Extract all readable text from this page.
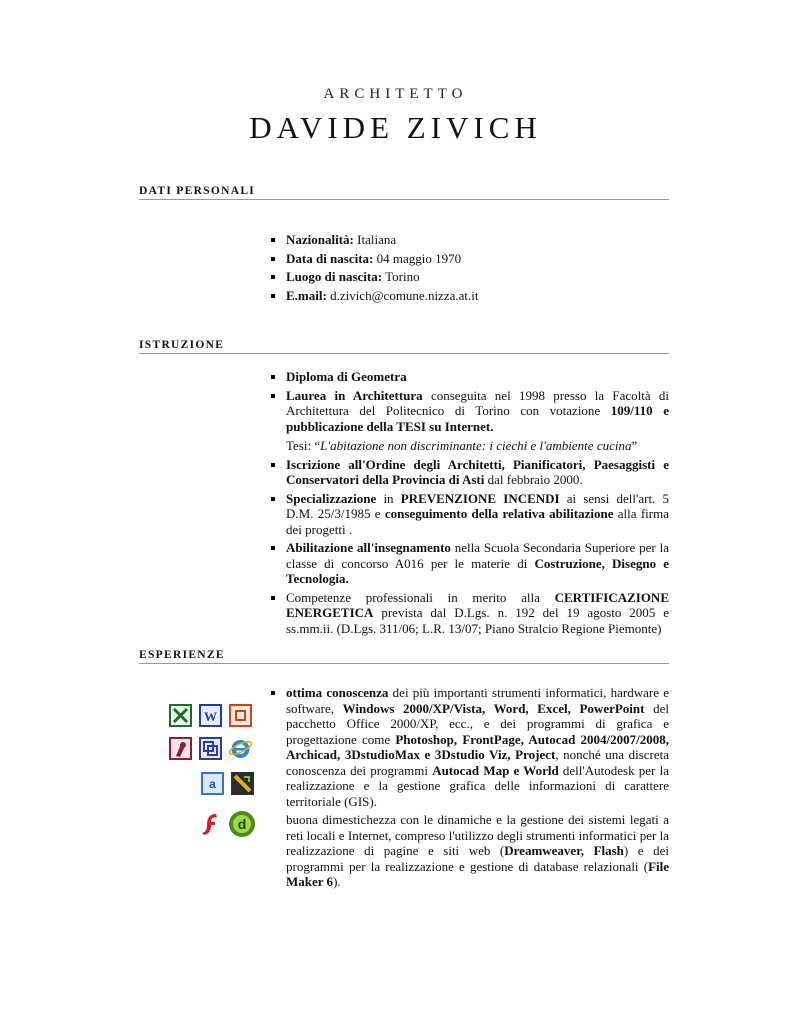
ARCHITETTO
DAVIDE ZIVICH
DATI PERSONALI
Nazionalità: Italiana
Data di nascita: 04 maggio 1970
Luogo di nascita: Torino
E.mail: d.zivich@comune.nizza.at.it
ISTRUZIONE
Diploma di Geometra
Laurea in Architettura conseguita nel 1998 presso la Facoltà di Architettura del Politecnico di Torino con votazione 109/110 e pubblicazione della TESI su Internet.
Tesi: “L'abitazione non discriminante: i ciechi e l'ambiente cucina”
Iscrizione all'Ordine degli Architetti, Pianificatori, Paesaggisti e Conservatori della Provincia di Asti dal febbraio 2000.
Specializzazione in PREVENZIONE INCENDI ai sensi dell'art. 5 D.M. 25/3/1985 e conseguimento della relativa abilitazione alla firma dei progetti .
Abilitazione all'insegnamento nella Scuola Secondaria Superiore per la classe di concorso A016 per le materie di Costruzione, Disegno e Tecnologia.
Competenze professionali in merito alla CERTIFICAZIONE ENERGETICA prevista dal D.Lgs. n. 192 del 19 agosto 2005 e ss.mm.ii. (D.Lgs. 311/06; L.R. 13/07; Piano Stralcio Regione Piemonte)
ESPERIENZE
ottima conoscenza dei più importanti strumenti informatici, hardware e software, Windows 2000/XP/Vista, Word, Excel, PowerPoint del pacchetto Office 2000/XP, ecc., e dei programmi di grafica e progettazione come Photoshop, FrontPage, Autocad 2004/2007/2008, Archicad, 3DstudioMax e 3Dstudio Viz, Project, nonché una discreta conoscenza dei programmi Autocad Map e World dell'Autodesk per la realizzazione e la gestione grafica delle informazioni di carattere territoriale (GIS).
buona dimestichezza con le dinamiche e la gestione dei sistemi legati a reti locali e Internet, compreso l'utilizzo degli strumenti informatici per la realizzazione di pagine e siti web (Dreamweaver, Flash) e dei programmi per la realizzazione e gestione di database relazionali (File Maker 6).
W
a
d
